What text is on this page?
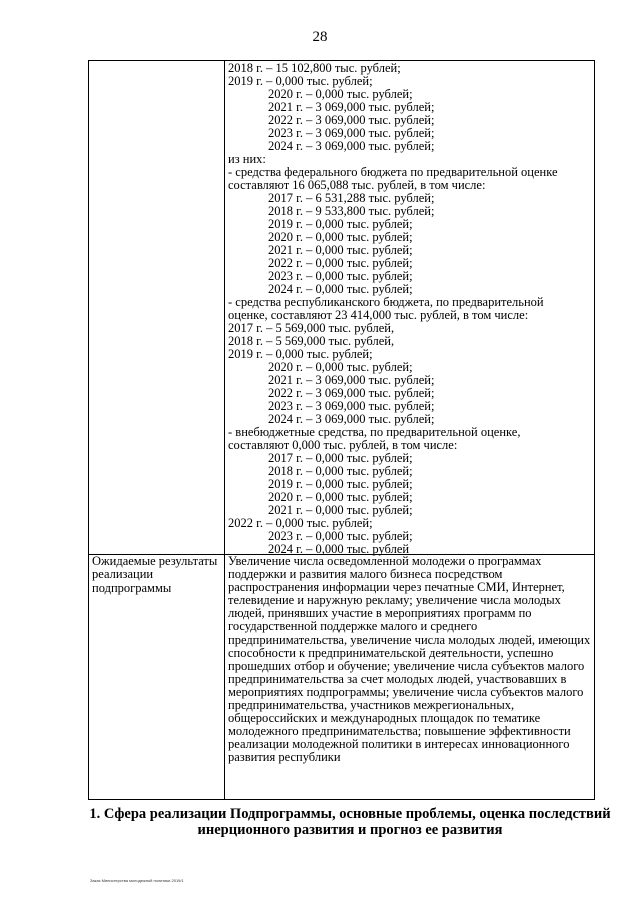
28
2018 г. – 15 102,800 тыс. рублей;
2019 г. – 0,000 тыс. рублей;
2020 г. – 0,000 тыс. рублей;
2021 г. – 3 069,000 тыс. рублей;
2022 г. – 3 069,000 тыс. рублей;
2023 г. – 3 069,000 тыс. рублей;
2024 г. – 3 069,000 тыс. рублей;
из них:
- средства федерального бюджета по предварительной оценке
составляют 16 065,088 тыс. рублей, в том числе:
2017 г. – 6 531,288 тыс. рублей;
2018 г. – 9 533,800 тыс. рублей;
2019 г. – 0,000 тыс. рублей;
2020 г. – 0,000 тыс. рублей;
2021 г. – 0,000 тыс. рублей;
2022 г. – 0,000 тыс. рублей;
2023 г. – 0,000 тыс. рублей;
2024 г. – 0,000 тыс. рублей;
- средства республиканского бюджета, по предварительной
оценке, составляют 23 414,000 тыс. рублей, в том числе:
2017 г. – 5 569,000 тыс. рублей,
2018 г. – 5 569,000 тыс. рублей,
2019 г. – 0,000 тыс. рублей;
2020 г. – 0,000 тыс. рублей;
2021 г. – 3 069,000 тыс. рублей;
2022 г. – 3 069,000 тыс. рублей;
2023 г. – 3 069,000 тыс. рублей;
2024 г. – 3 069,000 тыс. рублей;
- внебюджетные средства, по предварительной оценке,
составляют 0,000 тыс. рублей, в том числе:
2017 г. – 0,000 тыс. рублей;
2018 г. – 0,000 тыс. рублей;
2019 г. – 0,000 тыс. рублей;
2020 г. – 0,000 тыс. рублей;
2021 г. – 0,000 тыс. рублей;
2022 г. – 0,000 тыс. рублей;
2023 г. – 0,000 тыс. рублей;
2024 г. – 0,000 тыс. рублей
Ожидаемые результаты реализации подпрограммы
Увеличение числа осведомленной молодежи о программах поддержки и развития малого бизнеса посредством распространения информации через печатные СМИ, Интернет, телевидение и наружную рекламу; увеличение числа молодых людей, принявших участие в мероприятиях программ по государственной поддержке малого и среднего предпринимательства, увеличение числа молодых людей, имеющих способности к предпринимательской деятельности, успешно прошедших отбор и обучение; увеличение числа субъектов малого предпринимательства за счет молодых людей, участвовавших в мероприятиях подпрограммы; увеличение числа субъектов малого предпринимательства, участников межрегиональных, общероссийских и международных площадок по тематике молодежного предпринимательства; повышение эффективности реализации молодежной политики в интересах инновационного развития республики
1. Сфера реализации Подпрограммы, основные проблемы, оценка последствий инерционного развития и прогноз ее развития
Заказ Министерства молодежной политики 2019/1
